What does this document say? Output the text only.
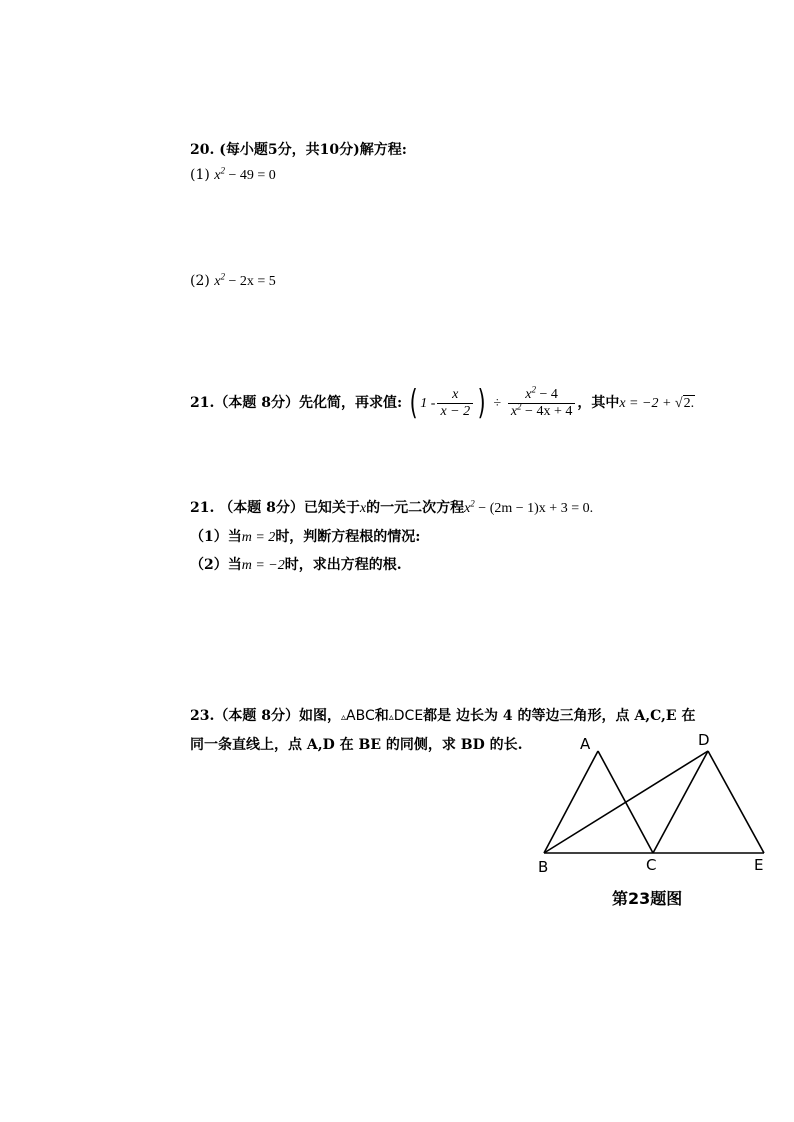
20. (每小题5分，共10分)解方程:
(1) $x^2 - 49 = 0$
(2) $x^2 - 2x = 5$
21.（本题 8分）先化简，再求值: ( $1 - \frac{x}{x - 2}$ ) ÷ $\frac{x^2 - 4}{x^2 - 4x + 4}$ ，其中x = −2 + √2.
21. （本题 8分）已知关于x的一元二次方程$x^2 - (2m - 1)x + 3 = 0$.
（1）当m = 2时，判断方程根的情况:
（2）当m = −2时，求出方程的根.
23.（本题 8分）如图，▵ABC和▵DCE都是 边长为 4 的等边三角形，点 A,C,E 在
同一条直线上，点 A,D 在 BE 的同侧，求 BD 的长.	A	D
B	C	E
第23题图
